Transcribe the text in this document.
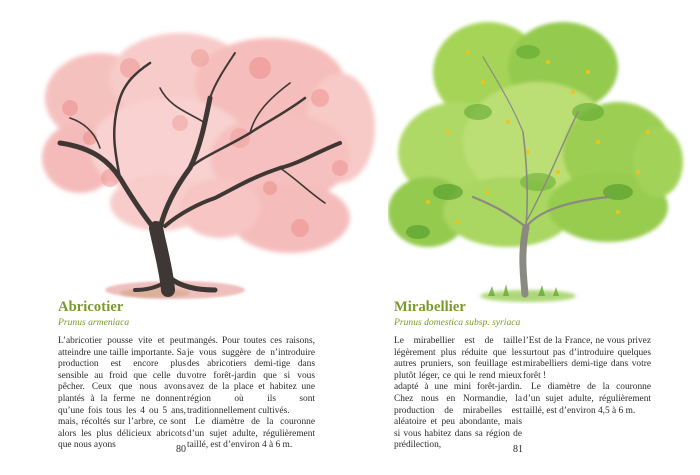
Abricotier
Prunus armeniaca

L’abricotier pousse vite et peut atteindre une taille importante. Sa production est encore plus sensible au froid que celle du pêcher. Ceux que nous avons plantés à la ferme ne donnent qu’une fois tous les 4 ou 5 ans, mais, récoltés sur l’arbre, ce sont alors les plus délicieux abricots que nous ayons

mangés. Pour toutes ces raisons, je vous suggère de n’introduire des abricotiers demi-tige dans votre forêt-jardin que si vous avez de la place et habitez une région où ils sont traditionnellement cultivés.

Le diamètre de la couronne d’un sujet adulte, régulièrement taillé, est d’environ 4 à 6 m.

80
Mirabellier
Prunus domestica subsp. syriaca

Le mirabellier est de taille légèrement plus réduite que les autres pruniers, son feuillage est plutôt léger, ce qui le rend mieux adapté à une mini forêt-jardin. Chez nous en Normandie, la production de mirabelles est aléatoire et peu abondante, mais si vous habitez dans sa région de prédilection,

l’Est de la France, ne vous privez surtout pas d’introduire quelques mirabelliers demi-tige dans votre forêt !

Le diamètre de la couronne d’un sujet adulte, régulièrement taillé, est d’environ 4,5 à 6 m.

81
